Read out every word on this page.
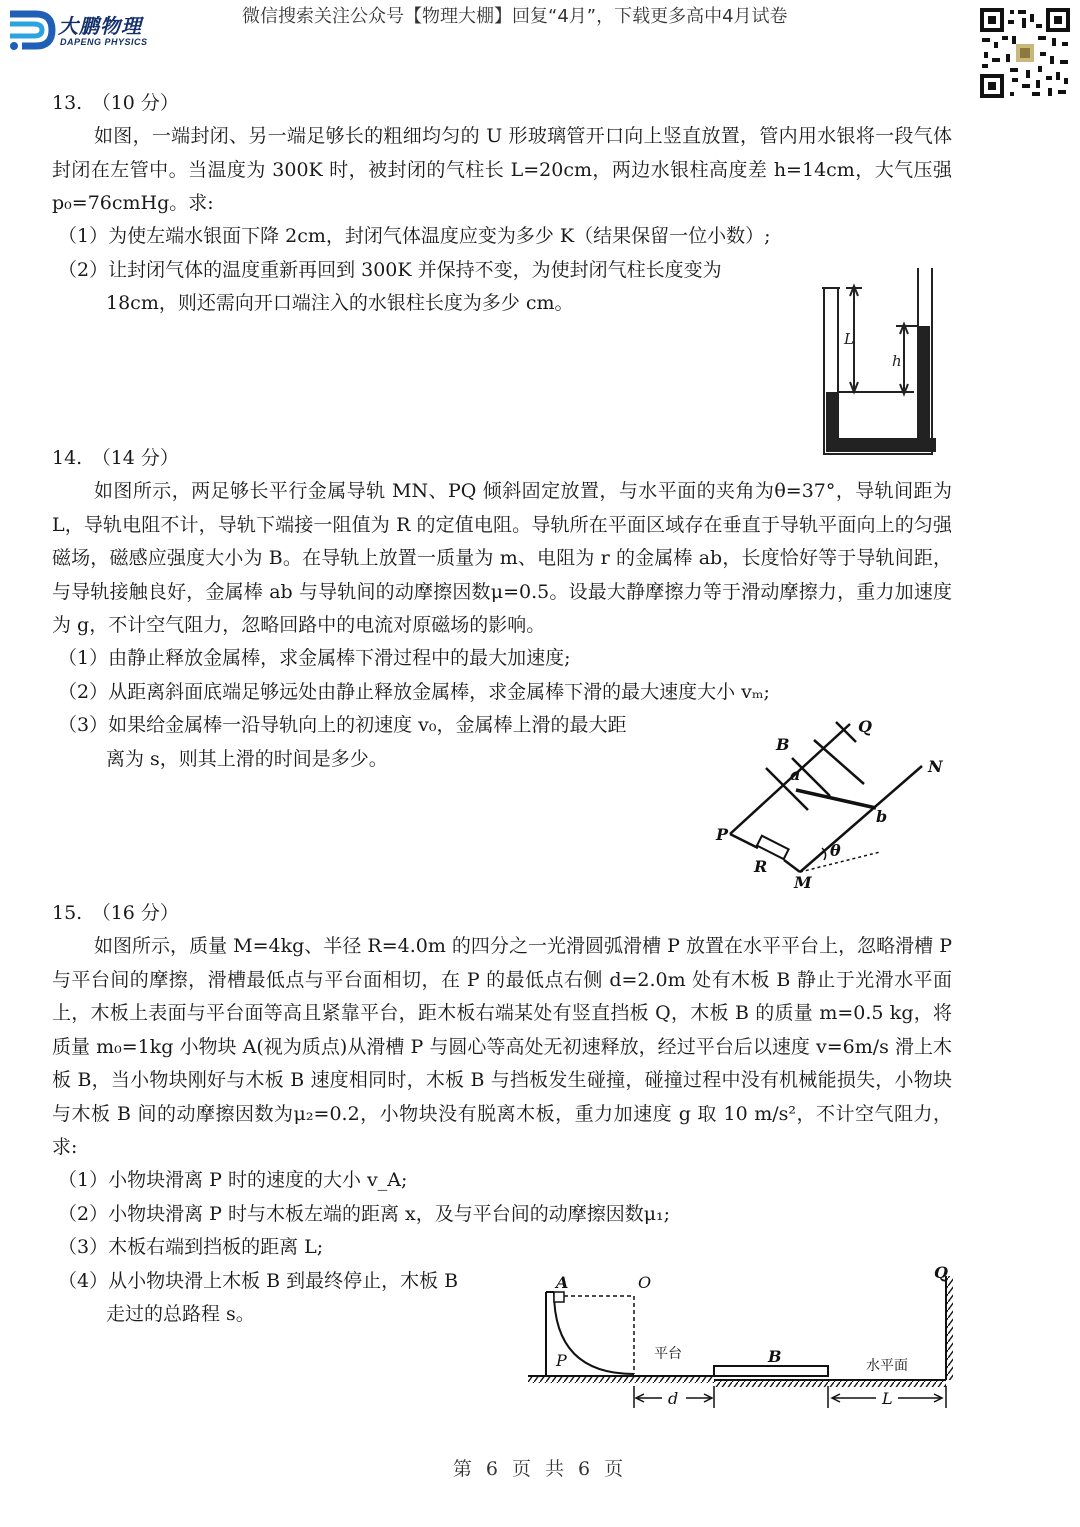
大鹏物理
DAPENG PHYSICS
微信搜索关注公众号【物理大棚】回复“4月”，下载更多高中4月试卷
13.　（10 分）

如图，一端封闭、另一端足够长的粗细均匀的 U 形玻璃管开口向上竖直放置，管内用水银将一段气体封闭在左管中。当温度为 300K 时，被封闭的气柱长 L=20cm，两边水银柱高度差 h=14cm，大气压强 p₀=76cmHg。求:

（1）为使左端水银面下降 2cm，封闭气体温度应变为多少 K（结果保留一位小数）;
（2）让封闭气体的温度重新再回到 300K 并保持不变，为使封闭气柱长度变为
18cm，则还需向开口端注入的水银柱长度为多少 cm。
L
h
14.　（14 分）

如图所示，两足够长平行金属导轨 MN、PQ 倾斜固定放置，与水平面的夹角为θ=37°，导轨间距为 L，导轨电阻不计，导轨下端接一阻值为 R 的定值电阻。导轨所在平面区域存在垂直于导轨平面向上的匀强磁场，磁感应强度大小为 B。在导轨上放置一质量为 m、电阻为 r 的金属棒 ab，长度恰好等于导轨间距，与导轨接触良好，金属棒 ab 与导轨间的动摩擦因数μ=0.5。设最大静摩擦力等于滑动摩擦力，重力加速度为 g，不计空气阻力，忽略回路中的电流对原磁场的影响。

（1）由静止释放金属棒，求金属棒下滑过程中的最大加速度;
（2）从距离斜面底端足够远处由静止释放金属棒，求金属棒下滑的最大速度大小 vₘ;
（3）如果给金属棒一沿导轨向上的初速度 v₀，金属棒上滑的最大距
离为 s，则其上滑的时间是多少。
Q
B
a	N
b
P
R
θ
M
15.　（16 分）

如图所示，质量 M=4kg、半径 R=4.0m 的四分之一光滑圆弧滑槽 P 放置在水平平台上，忽略滑槽 P 与平台间的摩擦，滑槽最低点与平台面相切，在 P 的最低点右侧 d=2.0m 处有木板 B 静止于光滑水平面上，木板上表面与平台面等高且紧靠平台，距木板右端某处有竖直挡板 Q，木板 B 的质量 m=0.5 kg，将质量 m₀=1kg 小物块 A(视为质点)从滑槽 P 与圆心等高处无初速释放，经过平台后以速度 v=6m/s 滑上木板 B，当小物块刚好与木板 B 速度相同时，木板 B 与挡板发生碰撞，碰撞过程中没有机械能损失，小物块与木板 B 间的动摩擦因数为μ₂=0.2，小物块没有脱离木板，重力加速度 g 取 10 m/s²，不计空气阻力，求:

（1）小物块滑离 P 时的速度的大小 v_A;
（2）小物块滑离 P 时与木板左端的距离 x，及与平台间的动摩擦因数μ₁;
（3）木板右端到挡板的距离 L;
（4）从小物块滑上木板 B 到最终停止，木板 B
走过的总路程 s。
A	O
Q
P	B
d	L
平台
水平面
第 6 页 共 6 页
